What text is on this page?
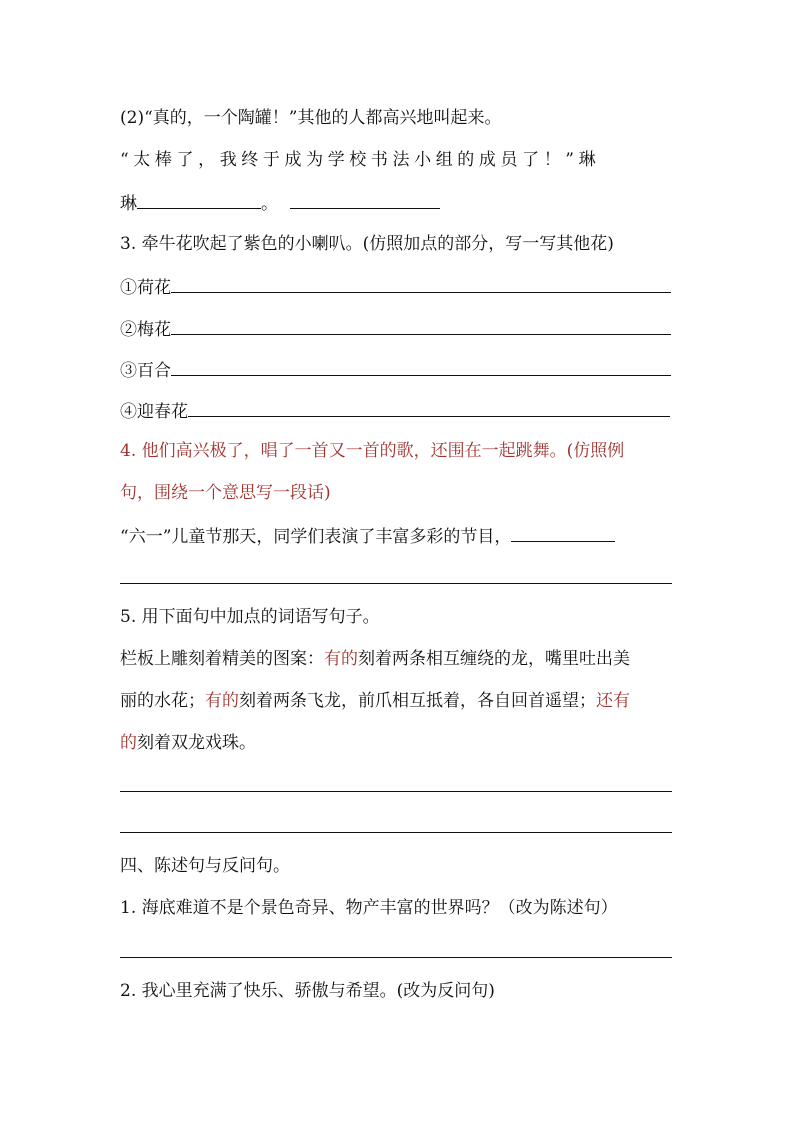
(2)“真的，一个陶罐！”其他的人都高兴地叫起来。
“太棒了，我终于成为学校书法小组的成员了！”琳
琳	。
3. 牵牛花吹起了紫色的小喇叭。(仿照加点的部分，写一写其他花)
①荷花
②梅花
③百合
④迎春花
4. 他们高兴极了，唱了一首又一首的歌，还围在一起跳舞。(仿照例
句，围绕一个意思写一段话)
“六一”儿童节那天，同学们表演了丰富多彩的节目，
5. 用下面句中加点的词语写句子。
栏板上雕刻着精美的图案：有的刻着两条相互缠绕的龙，嘴里吐出美
丽的水花；有的刻着两条飞龙，前爪相互抵着，各自回首遥望；还有
的刻着双龙戏珠。
四、陈述句与反问句。
1. 海底难道不是个景色奇异、物产丰富的世界吗？（改为陈述句）
2. 我心里充满了快乐、骄傲与希望。(改为反问句)
